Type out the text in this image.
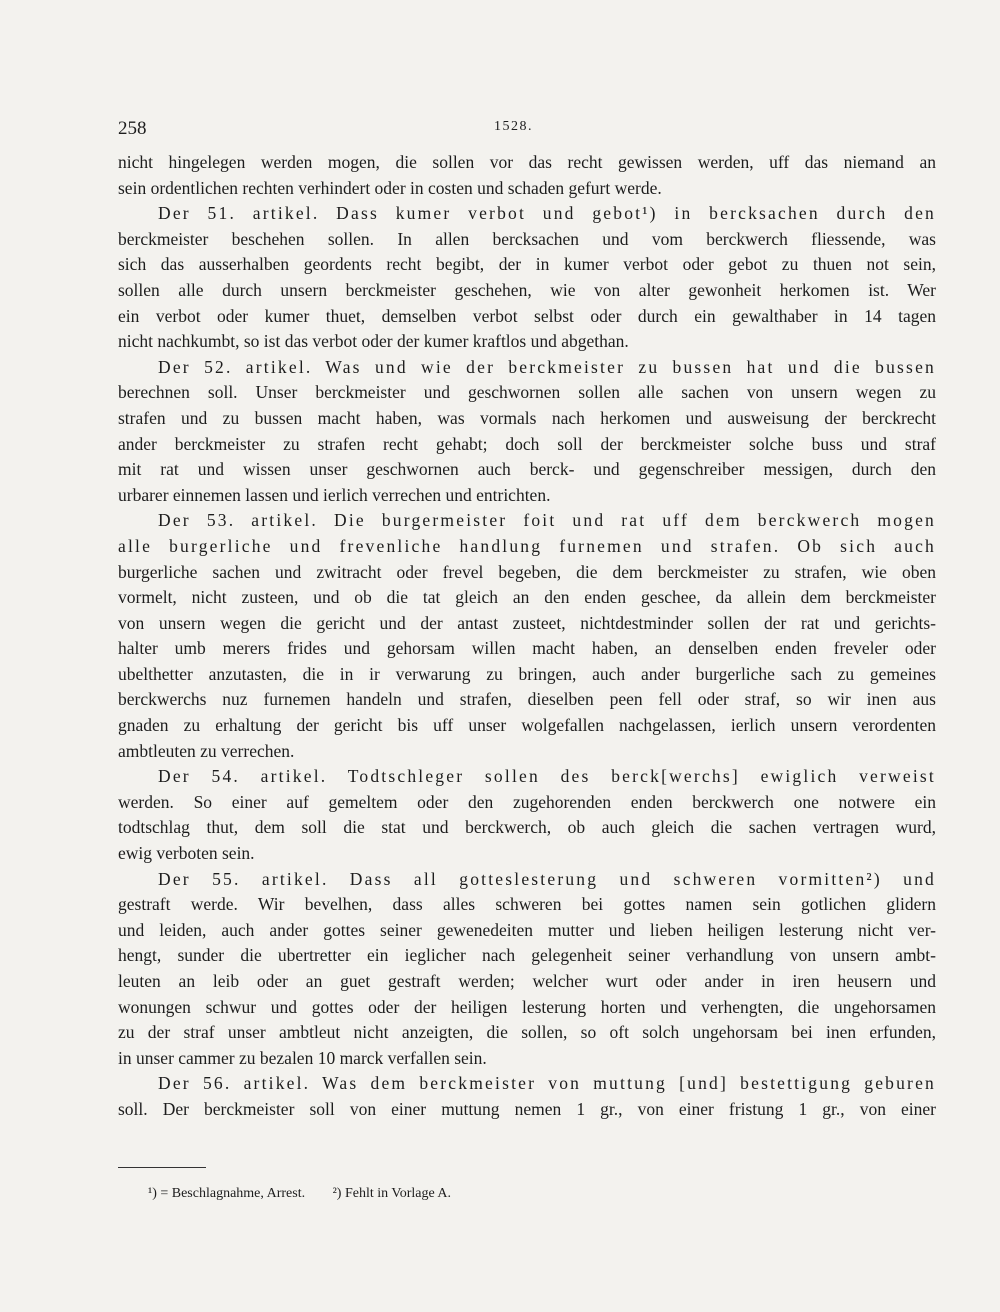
258	1528.
nicht hingelegen werden mogen, die sollen vor das recht gewissen werden, uff das niemand an
sein ordentlichen rechten verhindert oder in costen und schaden gefurt werde.
Der 51. artikel. Dass kumer verbot und gebot¹) in bercksachen durch den
berckmeister beschehen sollen. In allen bercksachen und vom berckwerch fliessende, was
sich das ausserhalben geordents recht begibt, der in kumer verbot oder gebot zu thuen not sein,
sollen alle durch unsern berckmeister geschehen, wie von alter gewonheit herkomen ist. Wer
ein verbot oder kumer thuet, demselben verbot selbst oder durch ein gewalthaber in 14 tagen
nicht nachkumbt, so ist das verbot oder der kumer kraftlos und abgethan.
Der 52. artikel. Was und wie der berckmeister zu bussen hat und die bussen
berechnen soll. Unser berckmeister und geschwornen sollen alle sachen von unsern wegen zu
strafen und zu bussen macht haben, was vormals nach herkomen und ausweisung der berckrecht
ander berckmeister zu strafen recht gehabt; doch soll der berckmeister solche buss und straf
mit rat und wissen unser geschwornen auch berck- und gegenschreiber messigen, durch den
urbarer einnemen lassen und ierlich verrechen und entrichten.
Der 53. artikel. Die burgermeister foit und rat uff dem berckwerch mogen
alle burgerliche und frevenliche handlung furnemen und strafen. Ob sich auch
burgerliche sachen und zwitracht oder frevel begeben, die dem berckmeister zu strafen, wie oben
vormelt, nicht zusteen, und ob die tat gleich an den enden geschee, da allein dem berckmeister
von unsern wegen die gericht und der antast zusteet, nichtdestminder sollen der rat und gerichts-
halter umb merers frides und gehorsam willen macht haben, an denselben enden freveler oder
ubelthetter anzutasten, die in ir verwarung zu bringen, auch ander burgerliche sach zu gemeines
berckwerchs nuz furnemen handeln und strafen, dieselben peen fell oder straf, so wir inen aus
gnaden zu erhaltung der gericht bis uff unser wolgefallen nachgelassen, ierlich unsern verordenten
ambtleuten zu verrechen.
Der 54. artikel. Todtschleger sollen des berck[werchs] ewiglich verweist
werden. So einer auf gemeltem oder den zugehorenden enden berckwerch one notwere ein
todtschlag thut, dem soll die stat und berckwerch, ob auch gleich die sachen vertragen wurd,
ewig verboten sein.
Der 55. artikel. Dass all gotteslesterung und schweren vormitten²) und
gestraft werde. Wir bevelhen, dass alles schweren bei gottes namen sein gotlichen glidern
und leiden, auch ander gottes seiner gewenedeiten mutter und lieben heiligen lesterung nicht ver-
hengt, sunder die ubertretter ein ieglicher nach gelegenheit seiner verhandlung von unsern ambt-
leuten an leib oder an guet gestraft werden; welcher wurt oder ander in iren heusern und
wonungen schwur und gottes oder der heiligen lesterung horten und verhengten, die ungehorsamen
zu der straf unser ambtleut nicht anzeigten, die sollen, so oft solch ungehorsam bei inen erfunden,
in unser cammer zu bezalen 10 marck verfallen sein.
Der 56. artikel. Was dem berckmeister von muttung [und] bestettigung geburen
soll. Der berckmeister soll von einer muttung nemen 1 gr., von einer fristung 1 gr., von einer
¹) = Beschlagnahme, Arrest. ²) Fehlt in Vorlage A.
